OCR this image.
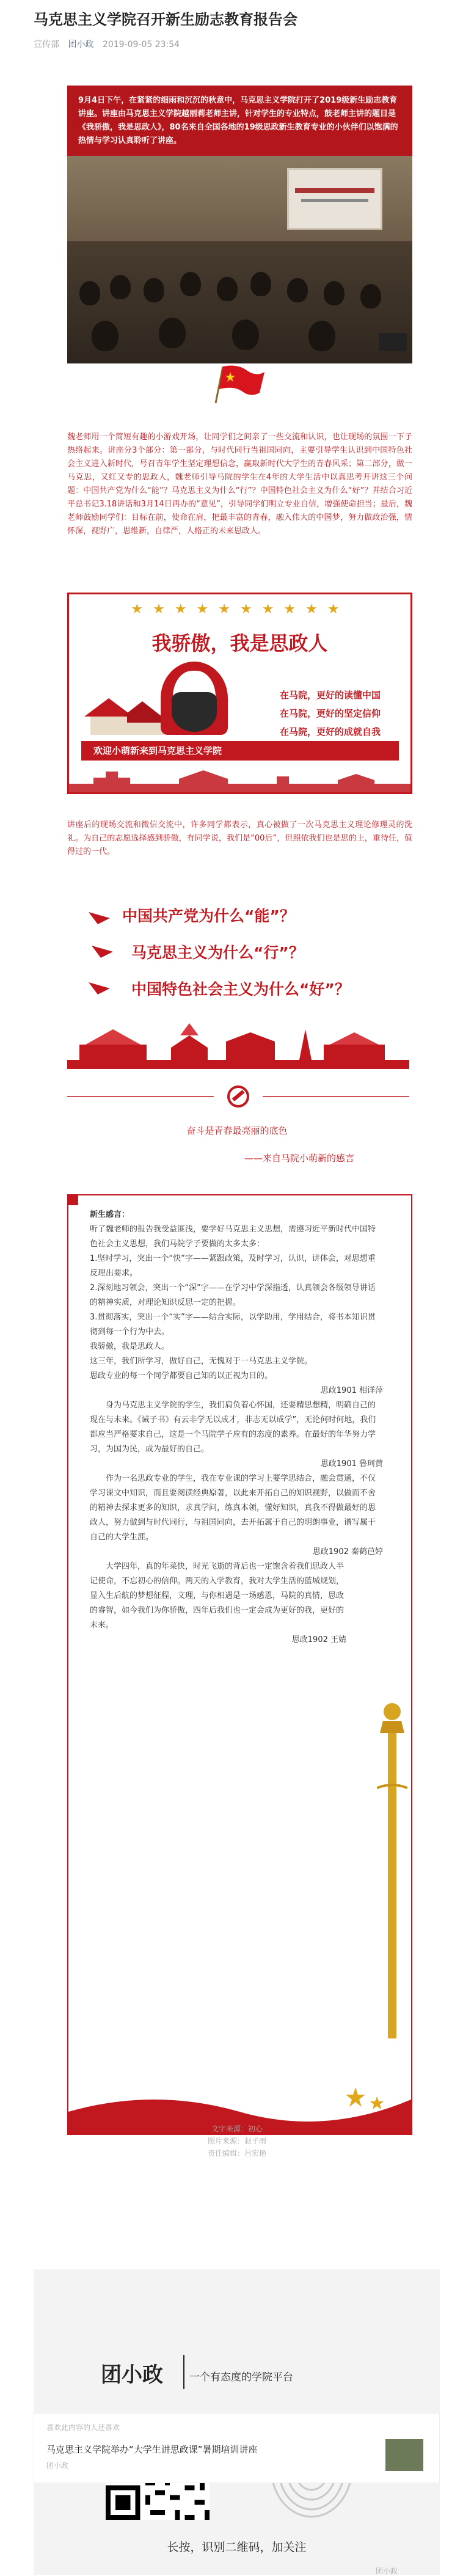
马克思主义学院召开新生励志教育报告会
宣传部 团小政 2019-09-05 23:54
9月4日下午，在紧紧的细雨和沉沉的秋意中，马克思主义学院打开了2019级新生励志教育讲座。讲座由马克思主义学院越丽莉老师主讲，针对学生的专业特点，鼓老师主讲的题目是《我骄傲，我是思政人》，80名来自全国各地的19级思政新生教育专业的小伙伴们以饱满的热情与学习认真聆听了讲座。
魏老师用一个简短有趣的小游戏开场，让同学们之间亲了一些交流和认识，也让现场的氛围一下子热络起来。讲座分3个部分：第一部分，与时代同行当祖国同向，主要引导学生认识到中国特色社会主义进入新时代，号召青年学生坚定理想信念，赢取新时代大学生的青春风采；第二部分，做一马克思，又红又专的思政人，魏老师引导马院的学生在4年的大学生活中以真思考开讲这三个问题：中国共产党为什么“能”？马克思主义为什么“行”？中国特色社会主义为什么“好”？并结合习近平总书记3.18讲话和3月14日再办的“意见”，引导同学们明立专业自信，增强使命担当；最后，魏老师鼓励同学们：目标在前，使命在肩，把最丰富的青春，融入伟大的中国梦，努力做政治强，情怀深，视野广，思维新，自律严，人格正的未来思政人。
★★★★★★★★★★
我骄傲，我是思政人
在马院，更好的读懂中国
在马院，更好的坚定信仰
在马院，更好的成就自我
欢迎小萌新来到马克思主义学院
讲座后的现场交流和微信交流中，许多同学都表示，真心被做了一次马克思主义理论修理灵的洗礼。为自己的志愿选择感到骄傲，有同学说，我们是“00后”，但照依我们也是思的上，重待任，值得过的一代。
中国共产党为什么“能”？
马克思主义为什么“行”？
中国特色社会主义为什么“好”？
奋斗是青春最亮丽的底色
——来自马院小萌新的感言

新生感言：

听了魏老师的报告我受益匪浅，要学好马克思主义思想，需遵习近平新时代中国特色社会主义思想，我们马院学子要做的太多太多：
1.坚时学习，突出一个“快”字——紧跟政策，及时学习，认识，讲体会，对思想重反理出要求。
2.深刻地习领会，突出一个“深”字——在学习中学深指透，认真领会各级领导讲话的精神实质，对理论知识反思一定的把握。
3.贯彻落实，突出一个“实”字——结合实际，以学助用，学用结合，将书本知识贯彻到每一个行为中去。
我骄傲，我是思政人。
这三年，我们所学习，做好自己，无愧对于一马克思主义学院。
思政专业的每一个同学都要自己知的以正视为目的。

思政1901 相详萍

身为马克思主义学院的学生，我们肩负着心怀国，还要精思想精，明确自己的现在与未来。《诫子书》有云非学无以成才，非志无以成学”，无论何时何地，我们都应当严格要求自己，这是一个马院学子应有的态度的素养。在最好的年华努力学习，为国为民，成为最好的自己。

思政1901 鲁珂黄

作为一名思政专业的学生，我在专业课的学习上要学思结合，融会贯通，不仅学习课文中知识，而且要阅读经典原著，以此来开拓自己的知识视野，以做而不舍的精神去探求更多的知识，求真学问，练真本领，懂好知识，真我不得做最好的思政人，努力做到与时代同行，与祖国同向，去开拓属于自己的明朗事业，谱写属于自己的大学生涯。

思政1902 秦鹤芭婷

大学四年，真的年菜快，时光飞逝的背后也一定饱含着我们思政人半记使命，不忘初心的信仰。两天的入学教育，我对大学生活的蓝城规划，显入生后航的梦想征程，文理，与你相遇是一场感恩，马院的真情，思政的睿智，如今我们为你骄傲，四年后我们也一定会成为更好的我，更好的未来。

思政1902 王婧

文字来源：初心
图片来源：赵子雨
责任编辑：吕宏艳
团小政	一个有态度的学院平台
长按，识别二维码，加关注
团小政
喜欢此内容的人还喜欢
马克思主义学院举办“大学生讲思政课”暑期培训讲座
团小政
